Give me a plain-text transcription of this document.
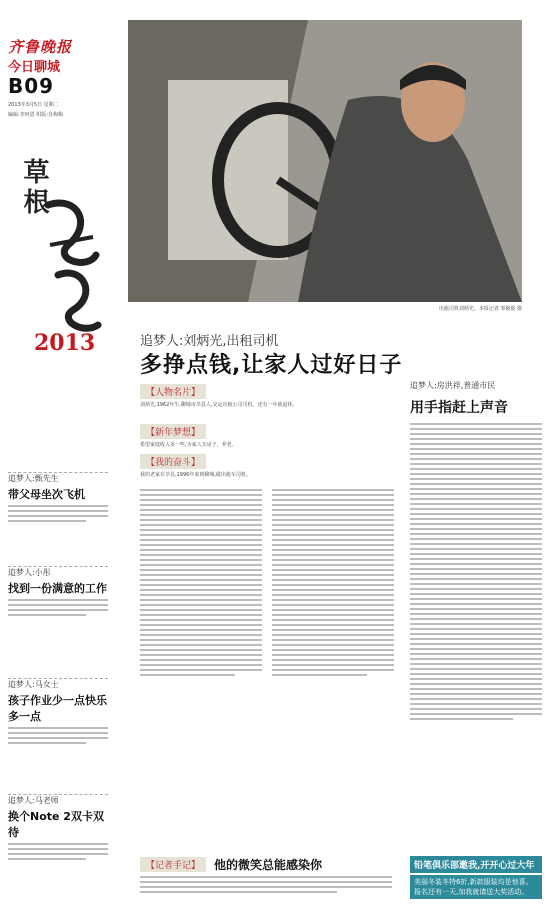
齐鲁晚报
今日聊城
B09
2013年3月5日 星期二
编辑:李珂恩 组版:肖梅梅
草根
2013
追梦人:甄先生
带父母坐次飞机
追梦人:小彤
找到一份满意的工作
追梦人:马女士
孩子作业少一点快乐多一点
追梦人:马老师
换个Note 2双卡双待
出租司机刘炳光。本报记者 邹俊俊 摄
追梦人:刘炳光,出租司机
多挣点钱,让家人过好日子
【人物名片】
刘炳光,1962年生,聊城市莘县人,交运出租公司司机。还有一年就退休。
【新年梦想】
希望家庭收入多一些,为家人买房子、养老。
【我的奋斗】
我的老家在莘县,1996年来到聊城,做出租车司机。
追梦人:房洪祥,普通市民
用手指赶上声音
【记者手记】	他的微笑总能感染你	铅笔俱乐部邀我,开开心过大年
美丽冬装冬特6折,新款服装均是惊喜。
报名还有一天,加我就请送大奖活动。
